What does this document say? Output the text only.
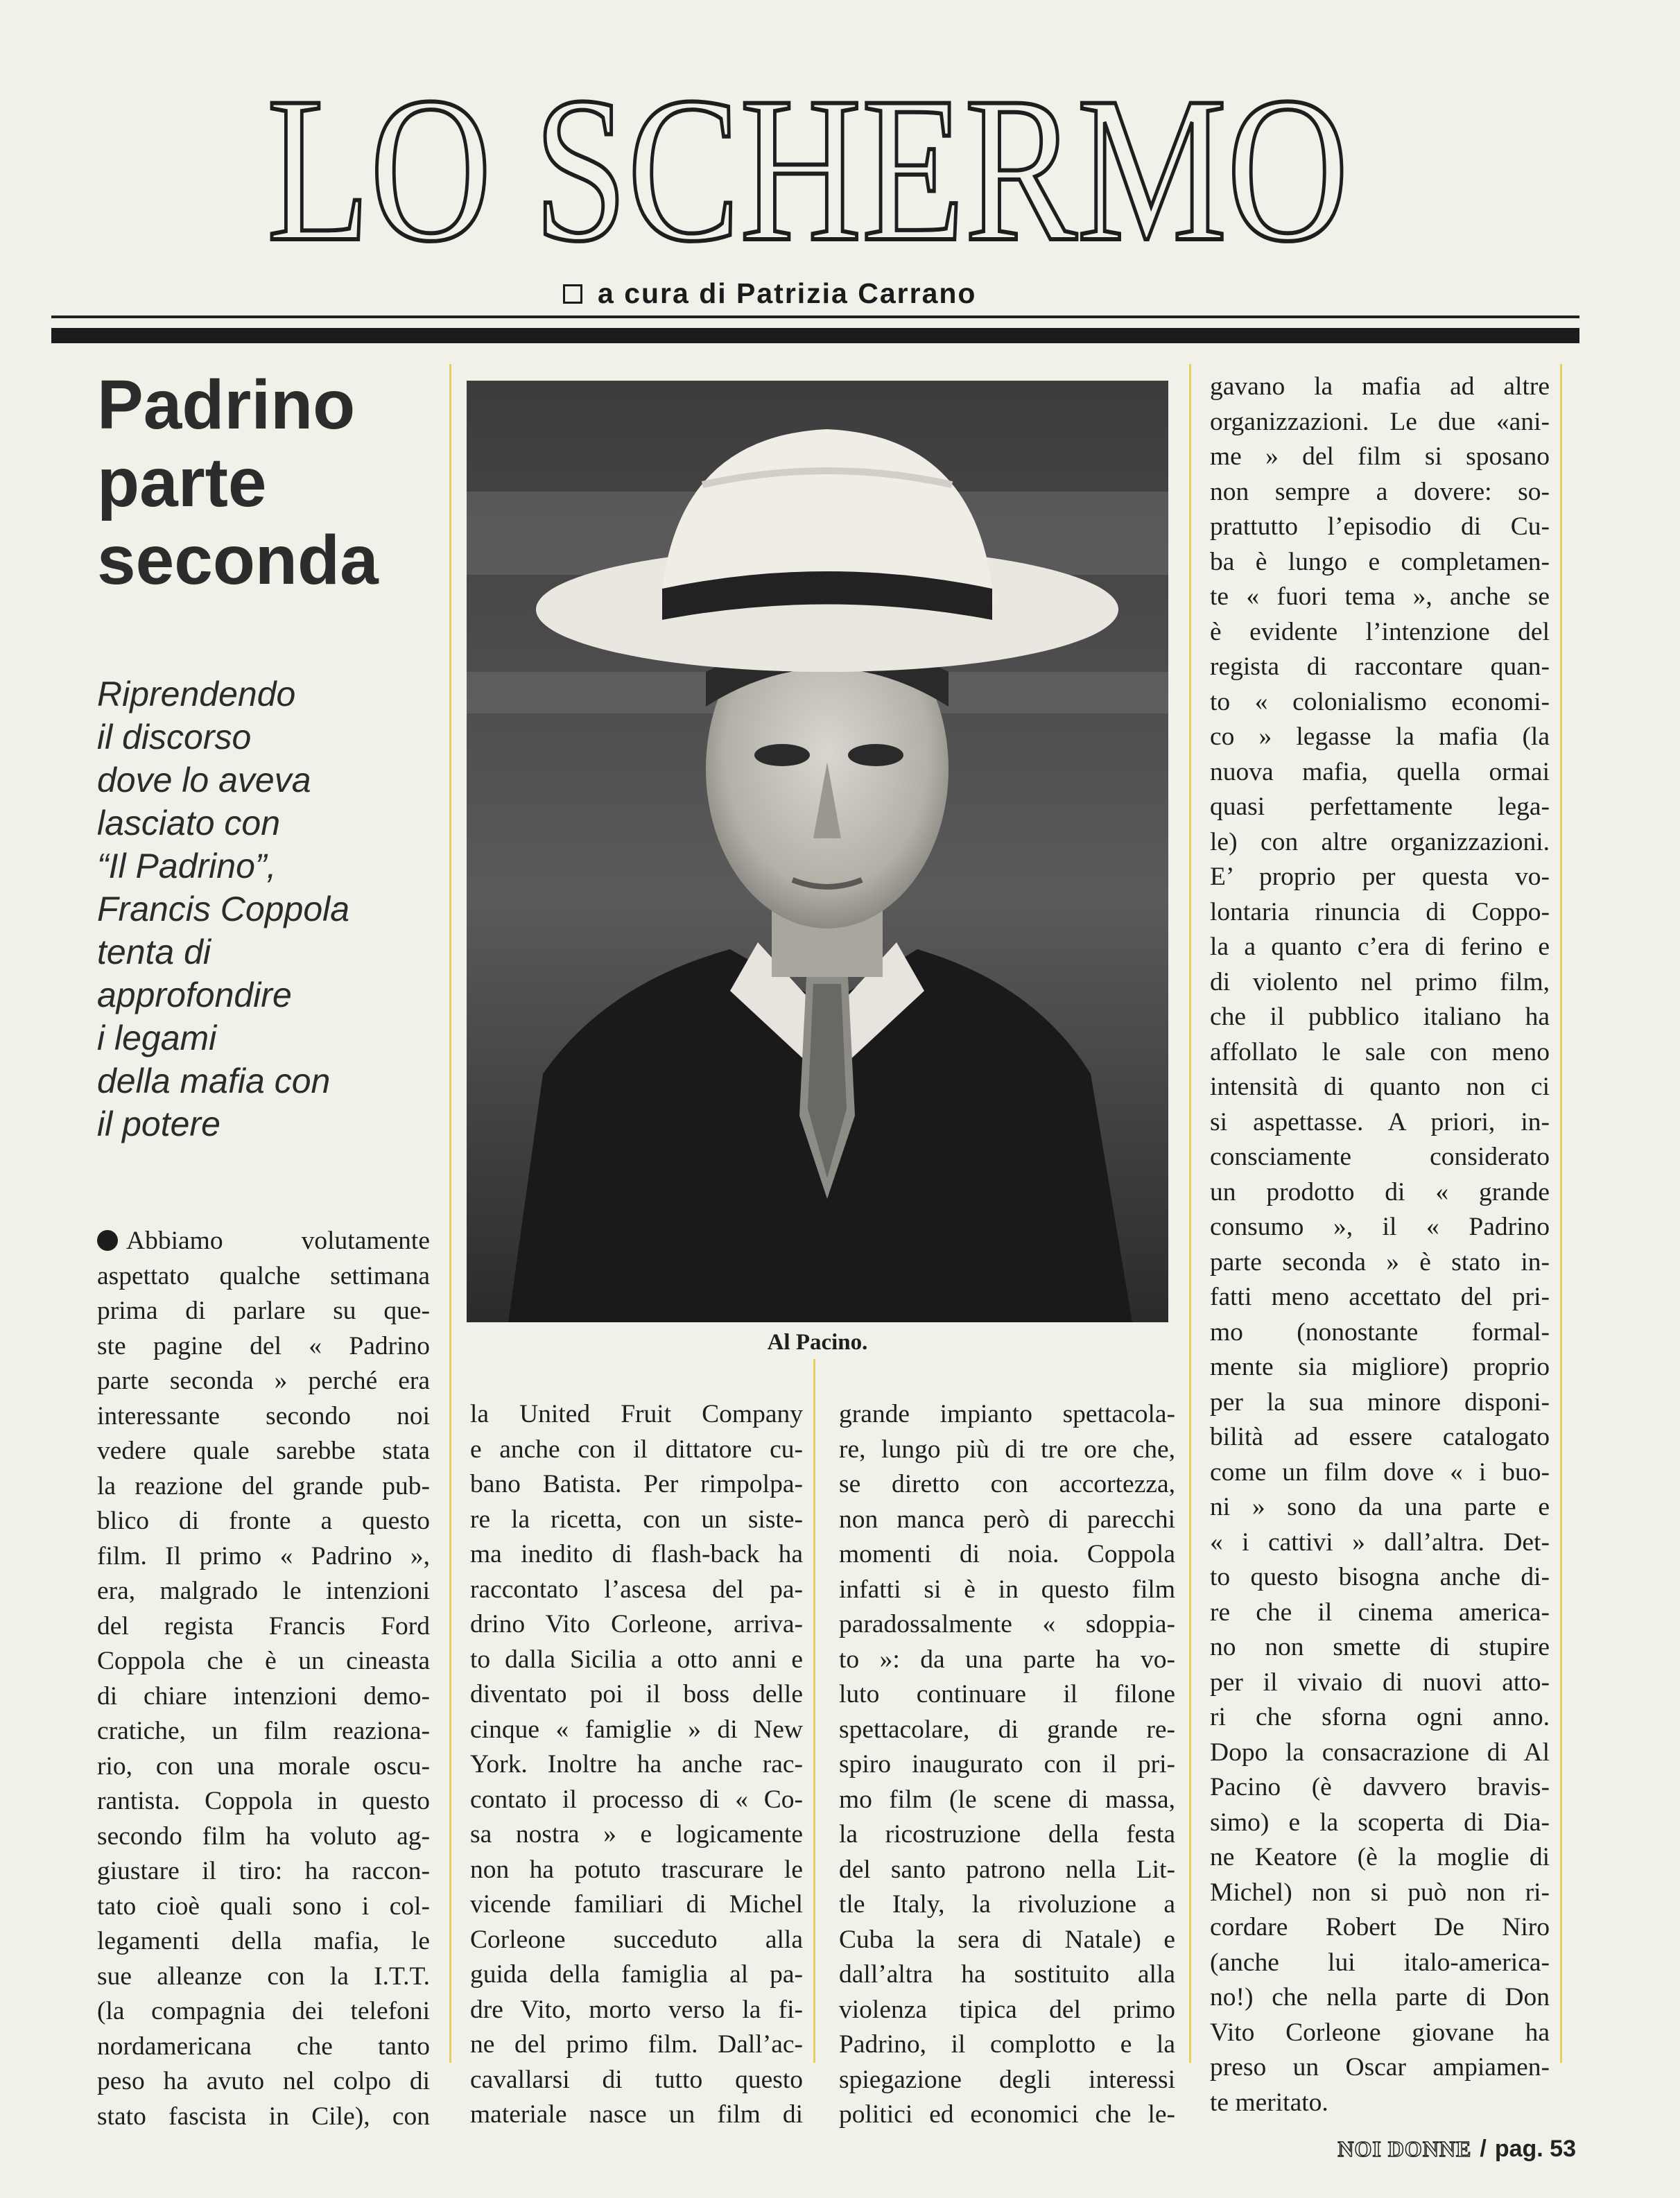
LO SCHERMO
a cura di Patrizia Carrano
Padrino
parte
seconda
Riprendendo
il discorso
dove lo aveva
lasciato con
“Il Padrino”,
Francis Coppola
tenta di
approfondire
i legami
della mafia con
il potere
Al Pacino.
Abbiamo volutamente
aspettato qualche settimana
prima di parlare su que-
ste pagine del « Padrino
parte seconda » perché era
interessante secondo noi
vedere quale sarebbe stata
la reazione del grande pub-
blico di fronte a questo
film. Il primo « Padrino »,
era, malgrado le intenzioni
del regista Francis Ford
Coppola che è un cineasta
di chiare intenzioni demo-
cratiche, un film reaziona-
rio, con una morale oscu-
rantista. Coppola in questo
secondo film ha voluto ag-
giustare il tiro: ha raccon-
tato cioè quali sono i col-
legamenti della mafia, le
sue alleanze con la I.T.T.
(la compagnia dei telefoni
nordamericana che tanto
peso ha avuto nel colpo di
stato fascista in Cile), con
la United Fruit Company
e anche con il dittatore cu-
bano Batista. Per rimpolpa-
re la ricetta, con un siste-
ma inedito di flash-back ha
raccontato l’ascesa del pa-
drino Vito Corleone, arriva-
to dalla Sicilia a otto anni e
diventato poi il boss delle
cinque « famiglie » di New
York. Inoltre ha anche rac-
contato il processo di « Co-
sa nostra » e logicamente
non ha potuto trascurare le
vicende familiari di Michel
Corleone succeduto alla
guida della famiglia al pa-
dre Vito, morto verso la fi-
ne del primo film. Dall’ac-
cavallarsi di tutto questo
materiale nasce un film di
grande impianto spettacola-
re, lungo più di tre ore che,
se diretto con accortezza,
non manca però di parecchi
momenti di noia. Coppola
infatti si è in questo film
paradossalmente « sdoppia-
to »: da una parte ha vo-
luto continuare il filone
spettacolare, di grande re-
spiro inaugurato con il pri-
mo film (le scene di massa,
la ricostruzione della festa
del santo patrono nella Lit-
tle Italy, la rivoluzione a
Cuba la sera di Natale) e
dall’altra ha sostituito alla
violenza tipica del primo
Padrino, il complotto e la
spiegazione degli interessi
politici ed economici che le-
gavano la mafia ad altre
organizzazioni. Le due «ani-
me » del film si sposano
non sempre a dovere: so-
prattutto l’episodio di Cu-
ba è lungo e completamen-
te « fuori tema », anche se
è evidente l’intenzione del
regista di raccontare quan-
to « colonialismo economi-
co » legasse la mafia (la
nuova mafia, quella ormai
quasi perfettamente lega-
le) con altre organizzazioni.
E’ proprio per questa vo-
lontaria rinuncia di Coppo-
la a quanto c’era di ferino e
di violento nel primo film,
che il pubblico italiano ha
affollato le sale con meno
intensità di quanto non ci
si aspettasse. A priori, in-
consciamente considerato
un prodotto di « grande
consumo », il « Padrino
parte seconda » è stato in-
fatti meno accettato del pri-
mo (nonostante formal-
mente sia migliore) proprio
per la sua minore disponi-
bilità ad essere catalogato
come un film dove « i buo-
ni » sono da una parte e
« i cattivi » dall’altra. Det-
to questo bisogna anche di-
re che il cinema americа-
no non smette di stupire
per il vivaio di nuovi atto-
ri che sforna ogni anno.
Dopo la consacrazione di Al
Pacino (è davvero bravis-
simo) e la scoperta di Dia-
ne Keatore (è la moglie di
Michel) non si può non ri-
cordare Robert De Niro
(anche lui italo-americа-
no!) che nella parte di Don
Vito Corleone giovane ha
preso un Oscar ampiamen-
te meritato.
NOI DONNE / pag. 53
